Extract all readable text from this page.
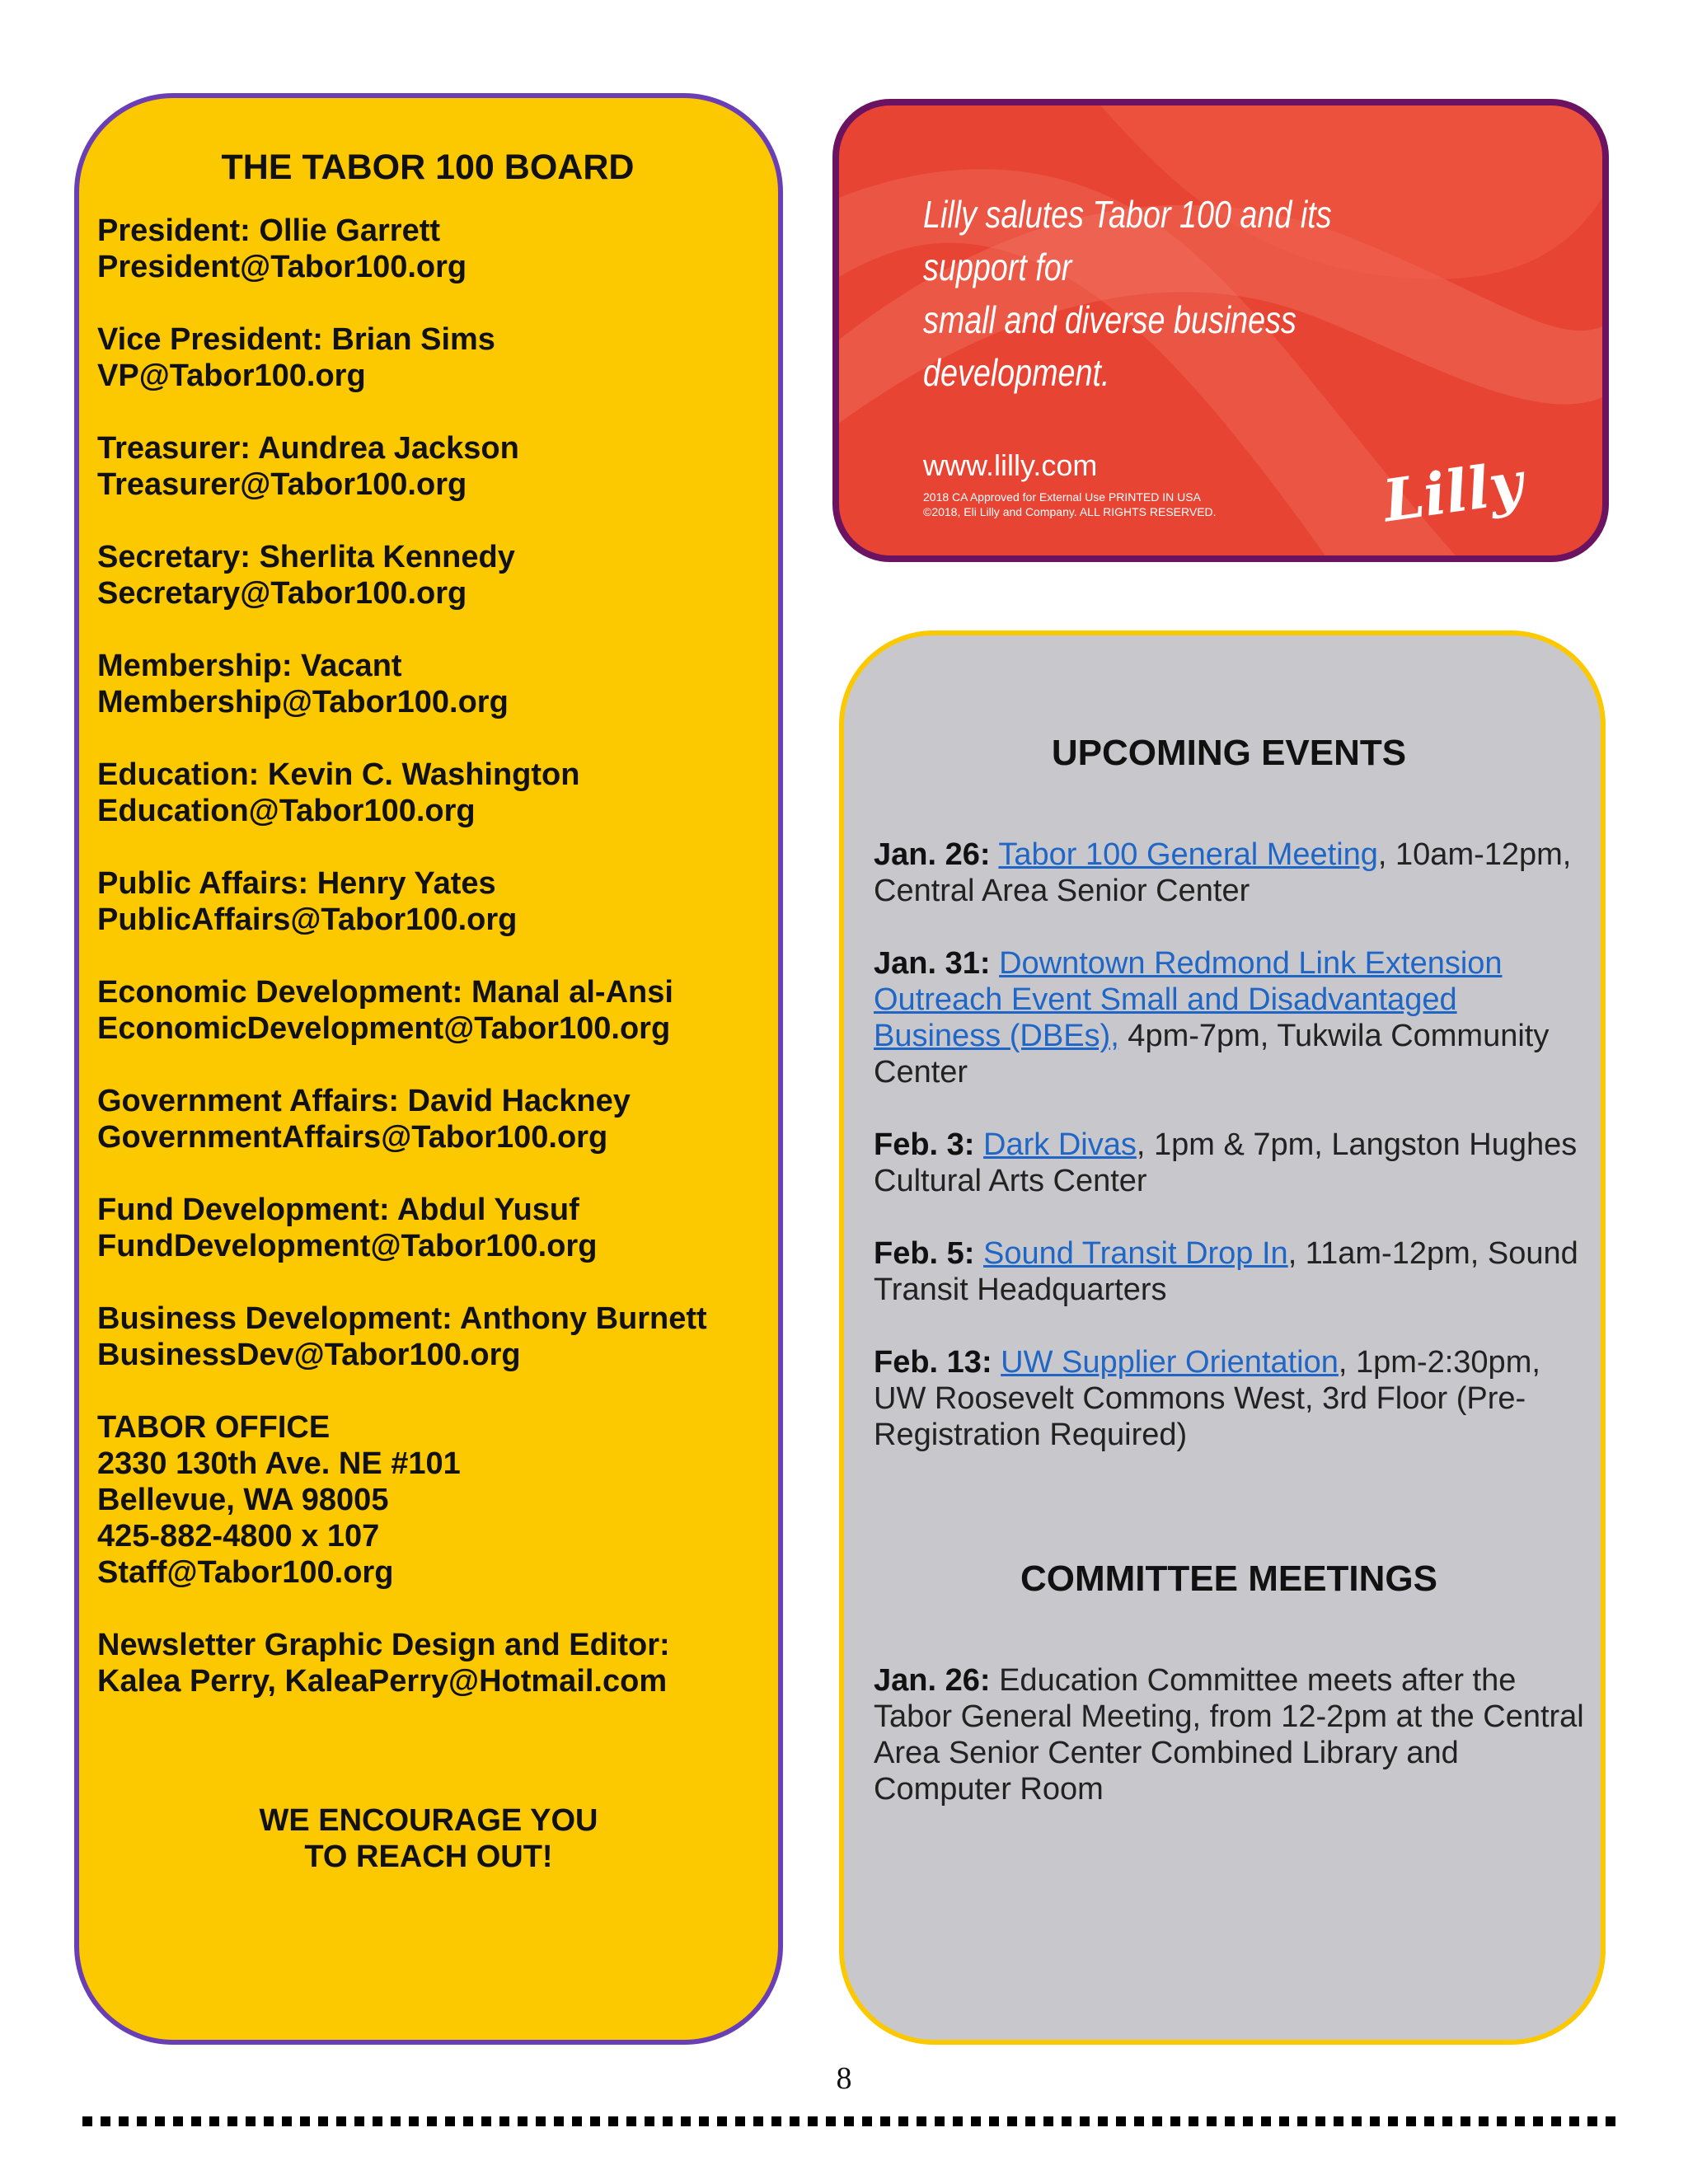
THE TABOR 100 BOARD
President: Ollie Garrett
President@Tabor100.org
Vice President: Brian Sims
VP@Tabor100.org
Treasurer: Aundrea Jackson
Treasurer@Tabor100.org
Secretary: Sherlita Kennedy
Secretary@Tabor100.org
Membership: Vacant
Membership@Tabor100.org
Education: Kevin C. Washington
Education@Tabor100.org
Public Affairs: Henry Yates
PublicAffairs@Tabor100.org
Economic Development: Manal al-Ansi
EconomicDevelopment@Tabor100.org
Government Affairs: David Hackney
GovernmentAffairs@Tabor100.org
Fund Development: Abdul Yusuf
FundDevelopment@Tabor100.org
Business Development: Anthony Burnett
BusinessDev@Tabor100.org
TABOR OFFICE
2330 130th Ave. NE #101
Bellevue, WA 98005
425-882-4800 x 107
Staff@Tabor100.org
Newsletter Graphic Design and Editor:
Kalea Perry, KaleaPerry@Hotmail.com
WE ENCOURAGE YOU
TO REACH OUT!
Lilly salutes Tabor 100 and its support for
small and diverse business development.
www.lilly.com
2018 CA Approved for External Use PRINTED IN USA
©2018, Eli Lilly and Company. ALL RIGHTS RESERVED.	Lilly
UPCOMING EVENTS
Jan. 26: Tabor 100 General Meeting, 10am-12pm, Central Area Senior Center
Jan. 31: Downtown Redmond Link Extension Outreach Event Small and Disadvantaged Business (DBEs), 4pm-7pm, Tukwila Community Center
Feb. 3: Dark Divas, 1pm & 7pm, Langston Hughes Cultural Arts Center
Feb. 5: Sound Transit Drop In, 11am-12pm, Sound Transit Headquarters
Feb. 13: UW Supplier Orientation, 1pm-2:30pm, UW Roosevelt Commons West, 3rd Floor (Pre-Registration Required)
COMMITTEE MEETINGS
Jan. 26: Education Committee meets after the Tabor General Meeting, from 12-2pm at the Central Area Senior Center Combined Library and Computer Room
8
